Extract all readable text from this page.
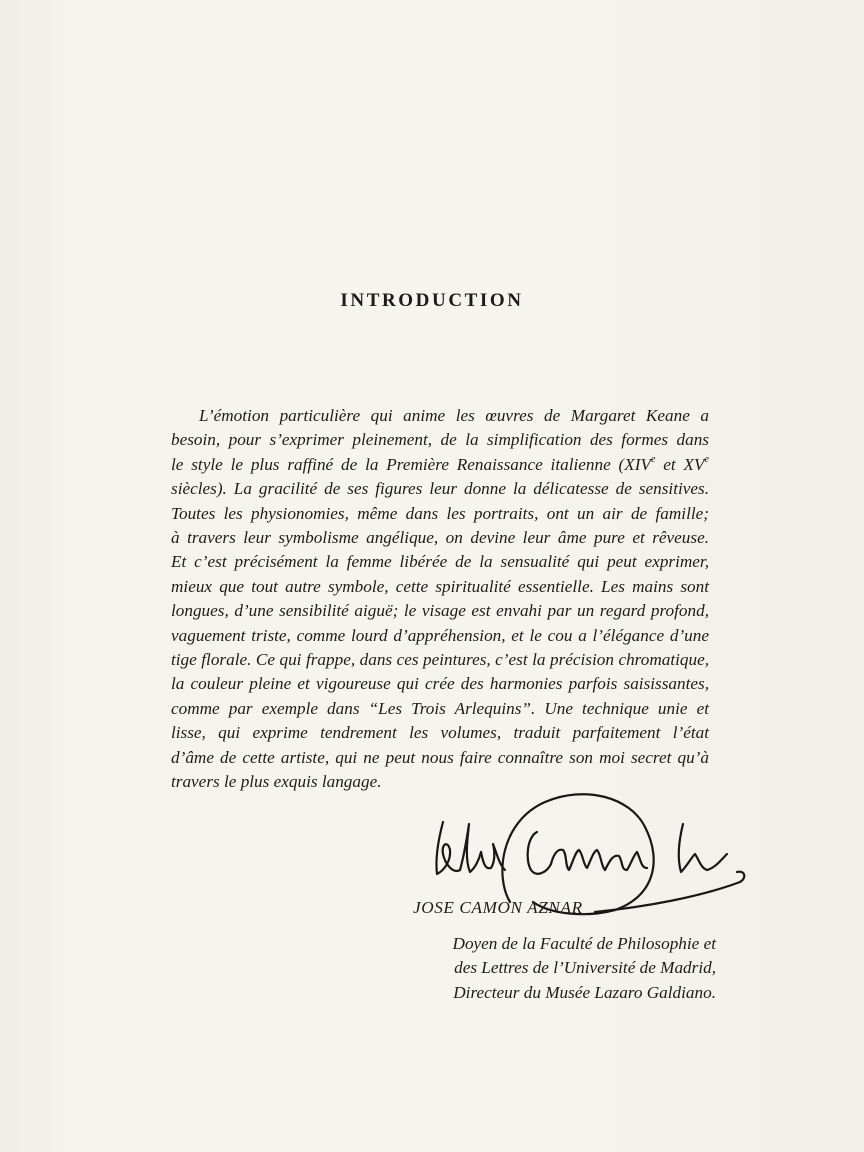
INTRODUCTION
L’émotion particulière qui anime les œuvres de Margaret Keane a
besoin, pour s’exprimer pleinement, de la simplification des formes dans
le style le plus raffiné de la Première Renaissance italienne (XIVe et XVe
siècles). La gracilité de ses figures leur donne la délicatesse de sensitives.
Toutes les physionomies, même dans les portraits, ont un air de famille;
à travers leur symbolisme angélique, on devine leur âme pure et rêveuse.
Et c’est précisément la femme libérée de la sensualité qui peut exprimer,
mieux que tout autre symbole, cette spiritualité essentielle. Les mains sont
longues, d’une sensibilité aiguë; le visage est envahi par un regard profond,
vaguement triste, comme lourd d’appréhension, et le cou a l’élégance d’une
tige florale. Ce qui frappe, dans ces peintures, c’est la précision chromatique,
la couleur pleine et vigoureuse qui crée des harmonies parfois saisissantes,
comme par exemple dans “Les Trois Arlequins”. Une technique unie et
lisse, qui exprime tendrement les volumes, traduit parfaitement l’état
d’âme de cette artiste, qui ne peut nous faire connaître son moi secret qu’à
travers le plus exquis langage.
JOSE CAMON AZNAR
Doyen de la Faculté de Philosophie et
des Lettres de l’Université de Madrid,
Directeur du Musée Lazaro Galdiano.
